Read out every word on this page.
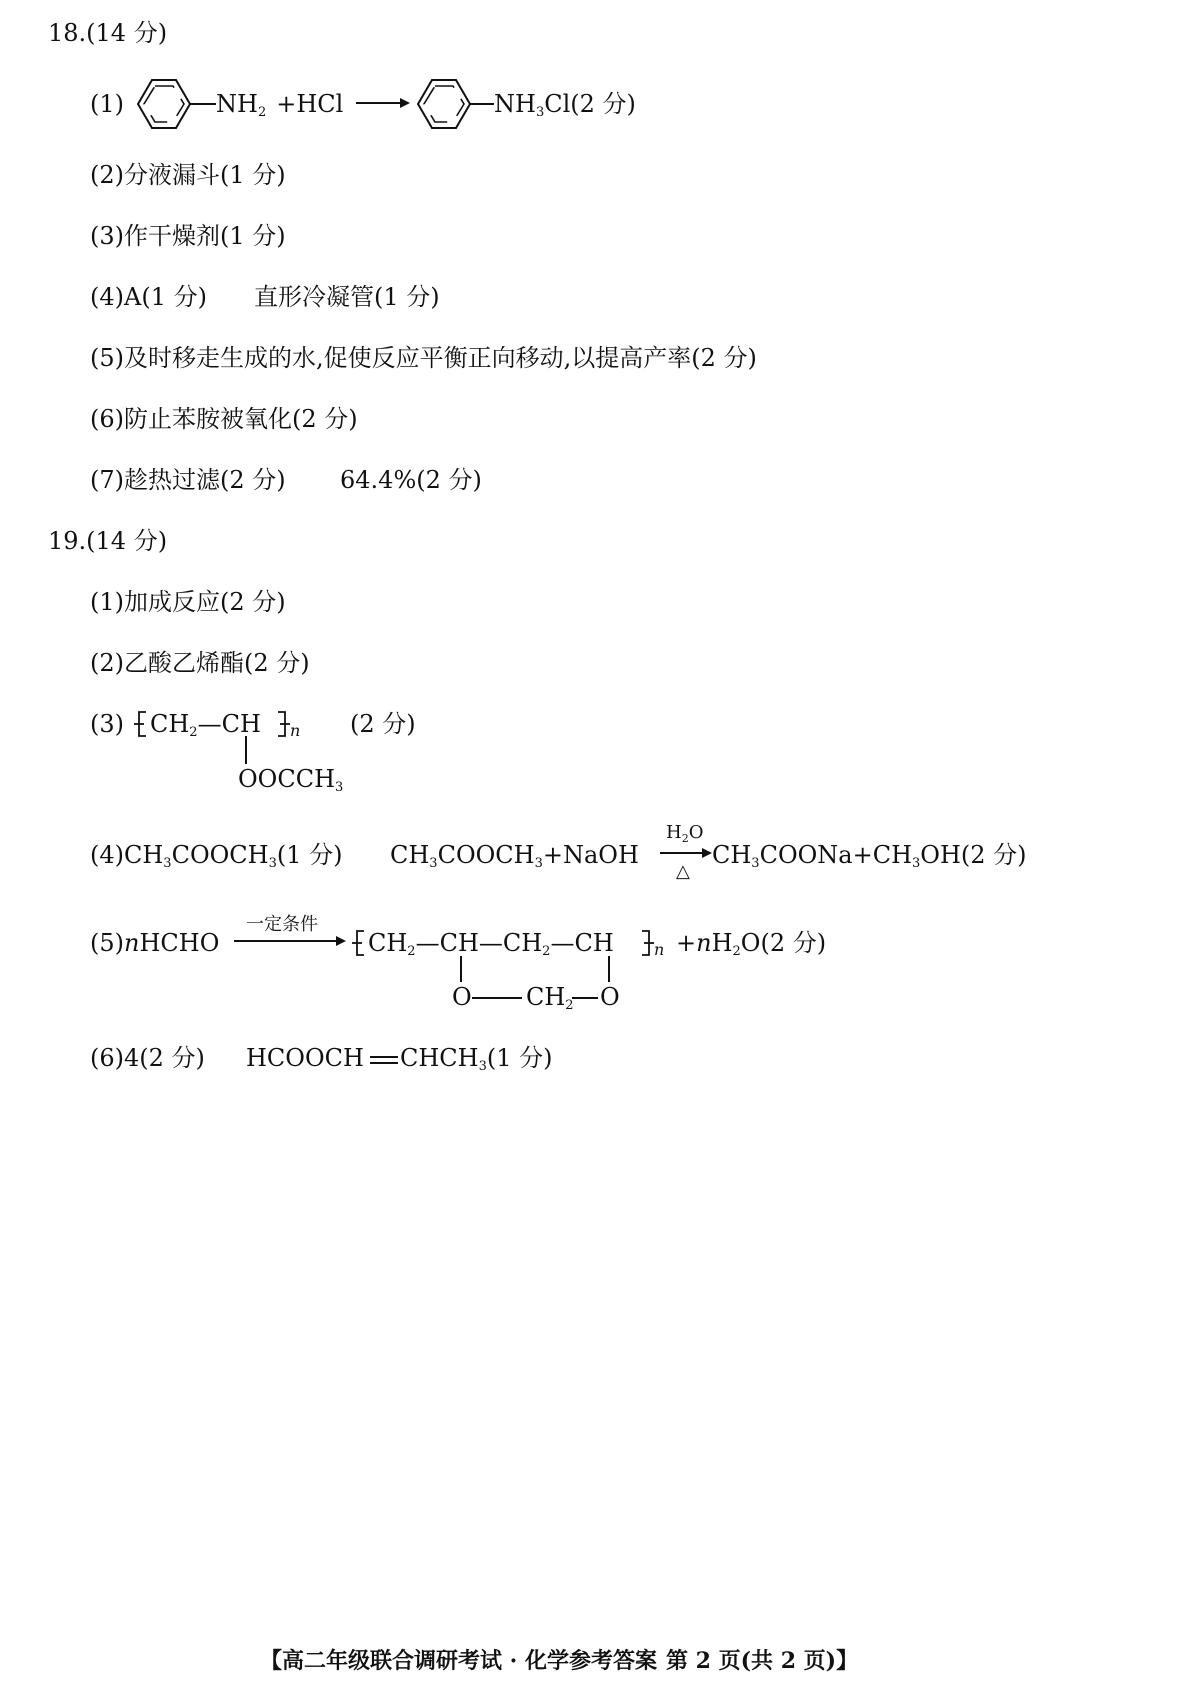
18.(14 分)
(1)	$NH_2 +HCl$ →	$NH_3Cl(2$ 分)
(2)分液漏斗(1 分)
(3)作干燥剂(1 分)
(4)A(1 分) 直形冷凝管(1 分)
(5)及时移走生成的水,促使反应平衡正向移动,以提高产率(2 分)
(6)防止苯胺被氧化(2 分)
(7)趁热过滤(2 分) 64.4%(2 分)
19.(14 分)
(1)加成反应(2 分)
(2)乙酸乙烯酯(2 分)
(3) $CH_2—CH$ n (2 分)
$OOCCH_3$
$(4)CH_3COOCH_3(1$ 分) $CH_3COOCH_3+NaOH$
$H_2O$
△
$CH_3COONa+CH_3OH(2$ 分)
(5)nHCHO
一定条件
$CH_2—CH—CH_2—CH$	$n +nH_2O(2$ 分)
O $CH_2$ O
(6)4(2 分) HCOOCH $CHCH_3(1$ 分)
【高二年级联合调研考试 · 化学参考答案 第 2 页(共 2 页)】
